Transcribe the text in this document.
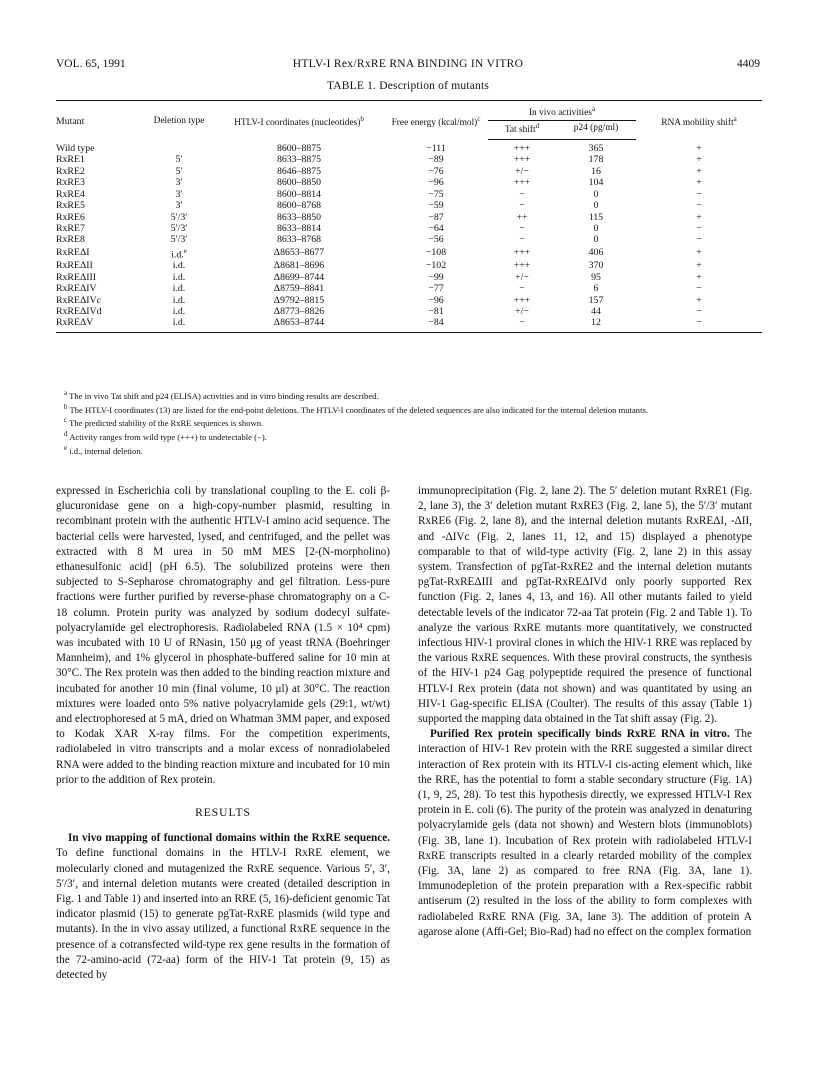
VOL. 65, 1991	HTLV-I Rex/RxRE RNA BINDING IN VITRO	4409
TABLE 1. Description of mutants
Mutant	Deletion type	HTLV-I coordinates (nucleotides)$^b$	Free energy (kcal/mol)$^c$	In vivo activities$^a$		RNA mobility shift$^a$
				Tat shift$^d$	p24 (pg/ml)	
Wild type		8600–8875	−111	+++	365	+
RxRE1	5′	8633–8875	−89	+++	178	+
RxRE2	5′	8646–8875	−76	+/−	16	+
RxRE3	3′	8600–8850	−96	+++	104	+
RxRE4	3′	8600–8814	−75	−	0	−
RxRE5	3′	8600–8768	−59	−	0	−
RxRE6	5′/3′	8633–8850	−87	++	115	+
RxRE7	5′/3′	8633–8814	−64	−	0	−
RxRE8	5′/3′	8633–8768	−56	−	0	−
RxREΔI	i.d.$^e$	Δ8653–8677	−108	+++	406	+
RxREΔII	i.d.	Δ8681–8696	−102	+++	370	+
RxREΔIII	i.d.	Δ8699–8744	−99	+/−	95	+
RxREΔIV	i.d.	Δ8759–8841	−77	−	6	−
RxREΔIVc	i.d.	Δ9792–8815	−96	+++	157	+
RxREΔIVd	i.d.	Δ8773–8826	−81	+/−	44	−
RxREΔV	i.d.	Δ8653–8744	−84	−	12	−
$^a$ The in vivo Tat shift and p24 (ELISA) activities and in vitro binding results are described.
$^b$ The HTLV-I coordinates (13) are listed for the end-point deletions. The HTLV-I coordinates of the deleted sequences are also indicated for the internal deletion mutants.
$^c$ The predicted stability of the RxRE sequences is shown.
$^d$ Activity ranges from wild type (+++) to undetectable (−).
$^e$ i.d., internal deletion.

expressed in Escherichia coli by translational coupling to the E. coli β-glucuronidase gene on a high-copy-number plasmid, resulting in recombinant protein with the authentic HTLV-I amino acid sequence. The bacterial cells were harvested, lysed, and centrifuged, and the pellet was extracted with 8 M urea in 50 mM MES [2-(N-morpholino) ethanesulfonic acid] (pH 6.5). The solubilized proteins were then subjected to S-Sepharose chromatography and gel filtration. Less-pure fractions were further purified by reverse-phase chromatography on a C-18 column. Protein purity was analyzed by sodium dodecyl sulfate-polyacrylamide gel electrophoresis. Radiolabeled RNA (1.5 × 10⁴ cpm) was incubated with 10 U of RNasin, 150 μg of yeast tRNA (Boehringer Mannheim), and 1% glycerol in phosphate-buffered saline for 10 min at 30°C. The Rex protein was then added to the binding reaction mixture and incubated for another 10 min (final volume, 10 μl) at 30°C. The reaction mixtures were loaded onto 5% native polyacrylamide gels (29:1, wt/wt) and electrophoresed at 5 mA, dried on Whatman 3MM paper, and exposed to Kodak XAR X-ray films. For the competition experiments, radiolabeled in vitro transcripts and a molar excess of nonradiolabeled RNA were added to the binding reaction mixture and incubated for 10 min prior to the addition of Rex protein.

RESULTS

In vivo mapping of functional domains within the RxRE sequence. To define functional domains in the HTLV-I RxRE element, we molecularly cloned and mutagenized the RxRE sequence. Various 5′, 3′, 5′/3′, and internal deletion mutants were created (detailed description in Fig. 1 and Table 1) and inserted into an RRE (5, 16)-deficient genomic Tat indicator plasmid (15) to generate pgTat-RxRE plasmids (wild type and mutants). In the in vivo assay utilized, a functional RxRE sequence in the presence of a cotransfected wild-type rex gene results in the formation of the 72-amino-acid (72-aa) form of the HIV-1 Tat protein (9, 15) as detected by

immunoprecipitation (Fig. 2, lane 2). The 5′ deletion mutant RxRE1 (Fig. 2, lane 3), the 3′ deletion mutant RxRE3 (Fig. 2, lane 5), the 5′/3′ mutant RxRE6 (Fig. 2, lane 8), and the internal deletion mutants RxREΔI, -ΔII, and -ΔIVc (Fig. 2, lanes 11, 12, and 15) displayed a phenotype comparable to that of wild-type activity (Fig. 2, lane 2) in this assay system. Transfection of pgTat-RxRE2 and the internal deletion mutants pgTat-RxREΔIII and pgTat-RxREΔIVd only poorly supported Rex function (Fig. 2, lanes 4, 13, and 16). All other mutants failed to yield detectable levels of the indicator 72-aa Tat protein (Fig. 2 and Table 1). To analyze the various RxRE mutants more quantitatively, we constructed infectious HIV-1 proviral clones in which the HIV-1 RRE was replaced by the various RxRE sequences. With these proviral constructs, the synthesis of the HIV-1 p24 Gag polypeptide required the presence of functional HTLV-I Rex protein (data not shown) and was quantitated by using an HIV-1 Gag-specific ELISA (Coulter). The results of this assay (Table 1) supported the mapping data obtained in the Tat shift assay (Fig. 2).

Purified Rex protein specifically binds RxRE RNA in vitro. The interaction of HIV-1 Rev protein with the RRE suggested a similar direct interaction of Rex protein with its HTLV-I cis-acting element which, like the RRE, has the potential to form a stable secondary structure (Fig. 1A) (1, 9, 25, 28). To test this hypothesis directly, we expressed HTLV-I Rex protein in E. coli (6). The purity of the protein was analyzed in denaturing polyacrylamide gels (data not shown) and Western blots (immunoblots) (Fig. 3B, lane 1). Incubation of Rex protein with radiolabeled HTLV-I RxRE transcripts resulted in a clearly retarded mobility of the complex (Fig. 3A, lane 2) as compared to free RNA (Fig. 3A, lane 1). Immunodepletion of the protein preparation with a Rex-specific rabbit antiserum (2) resulted in the loss of the ability to form complexes with radiolabeled RxRE RNA (Fig. 3A, lane 3). The addition of protein A agarose alone (Affi-Gel; Bio-Rad) had no effect on the complex formation
